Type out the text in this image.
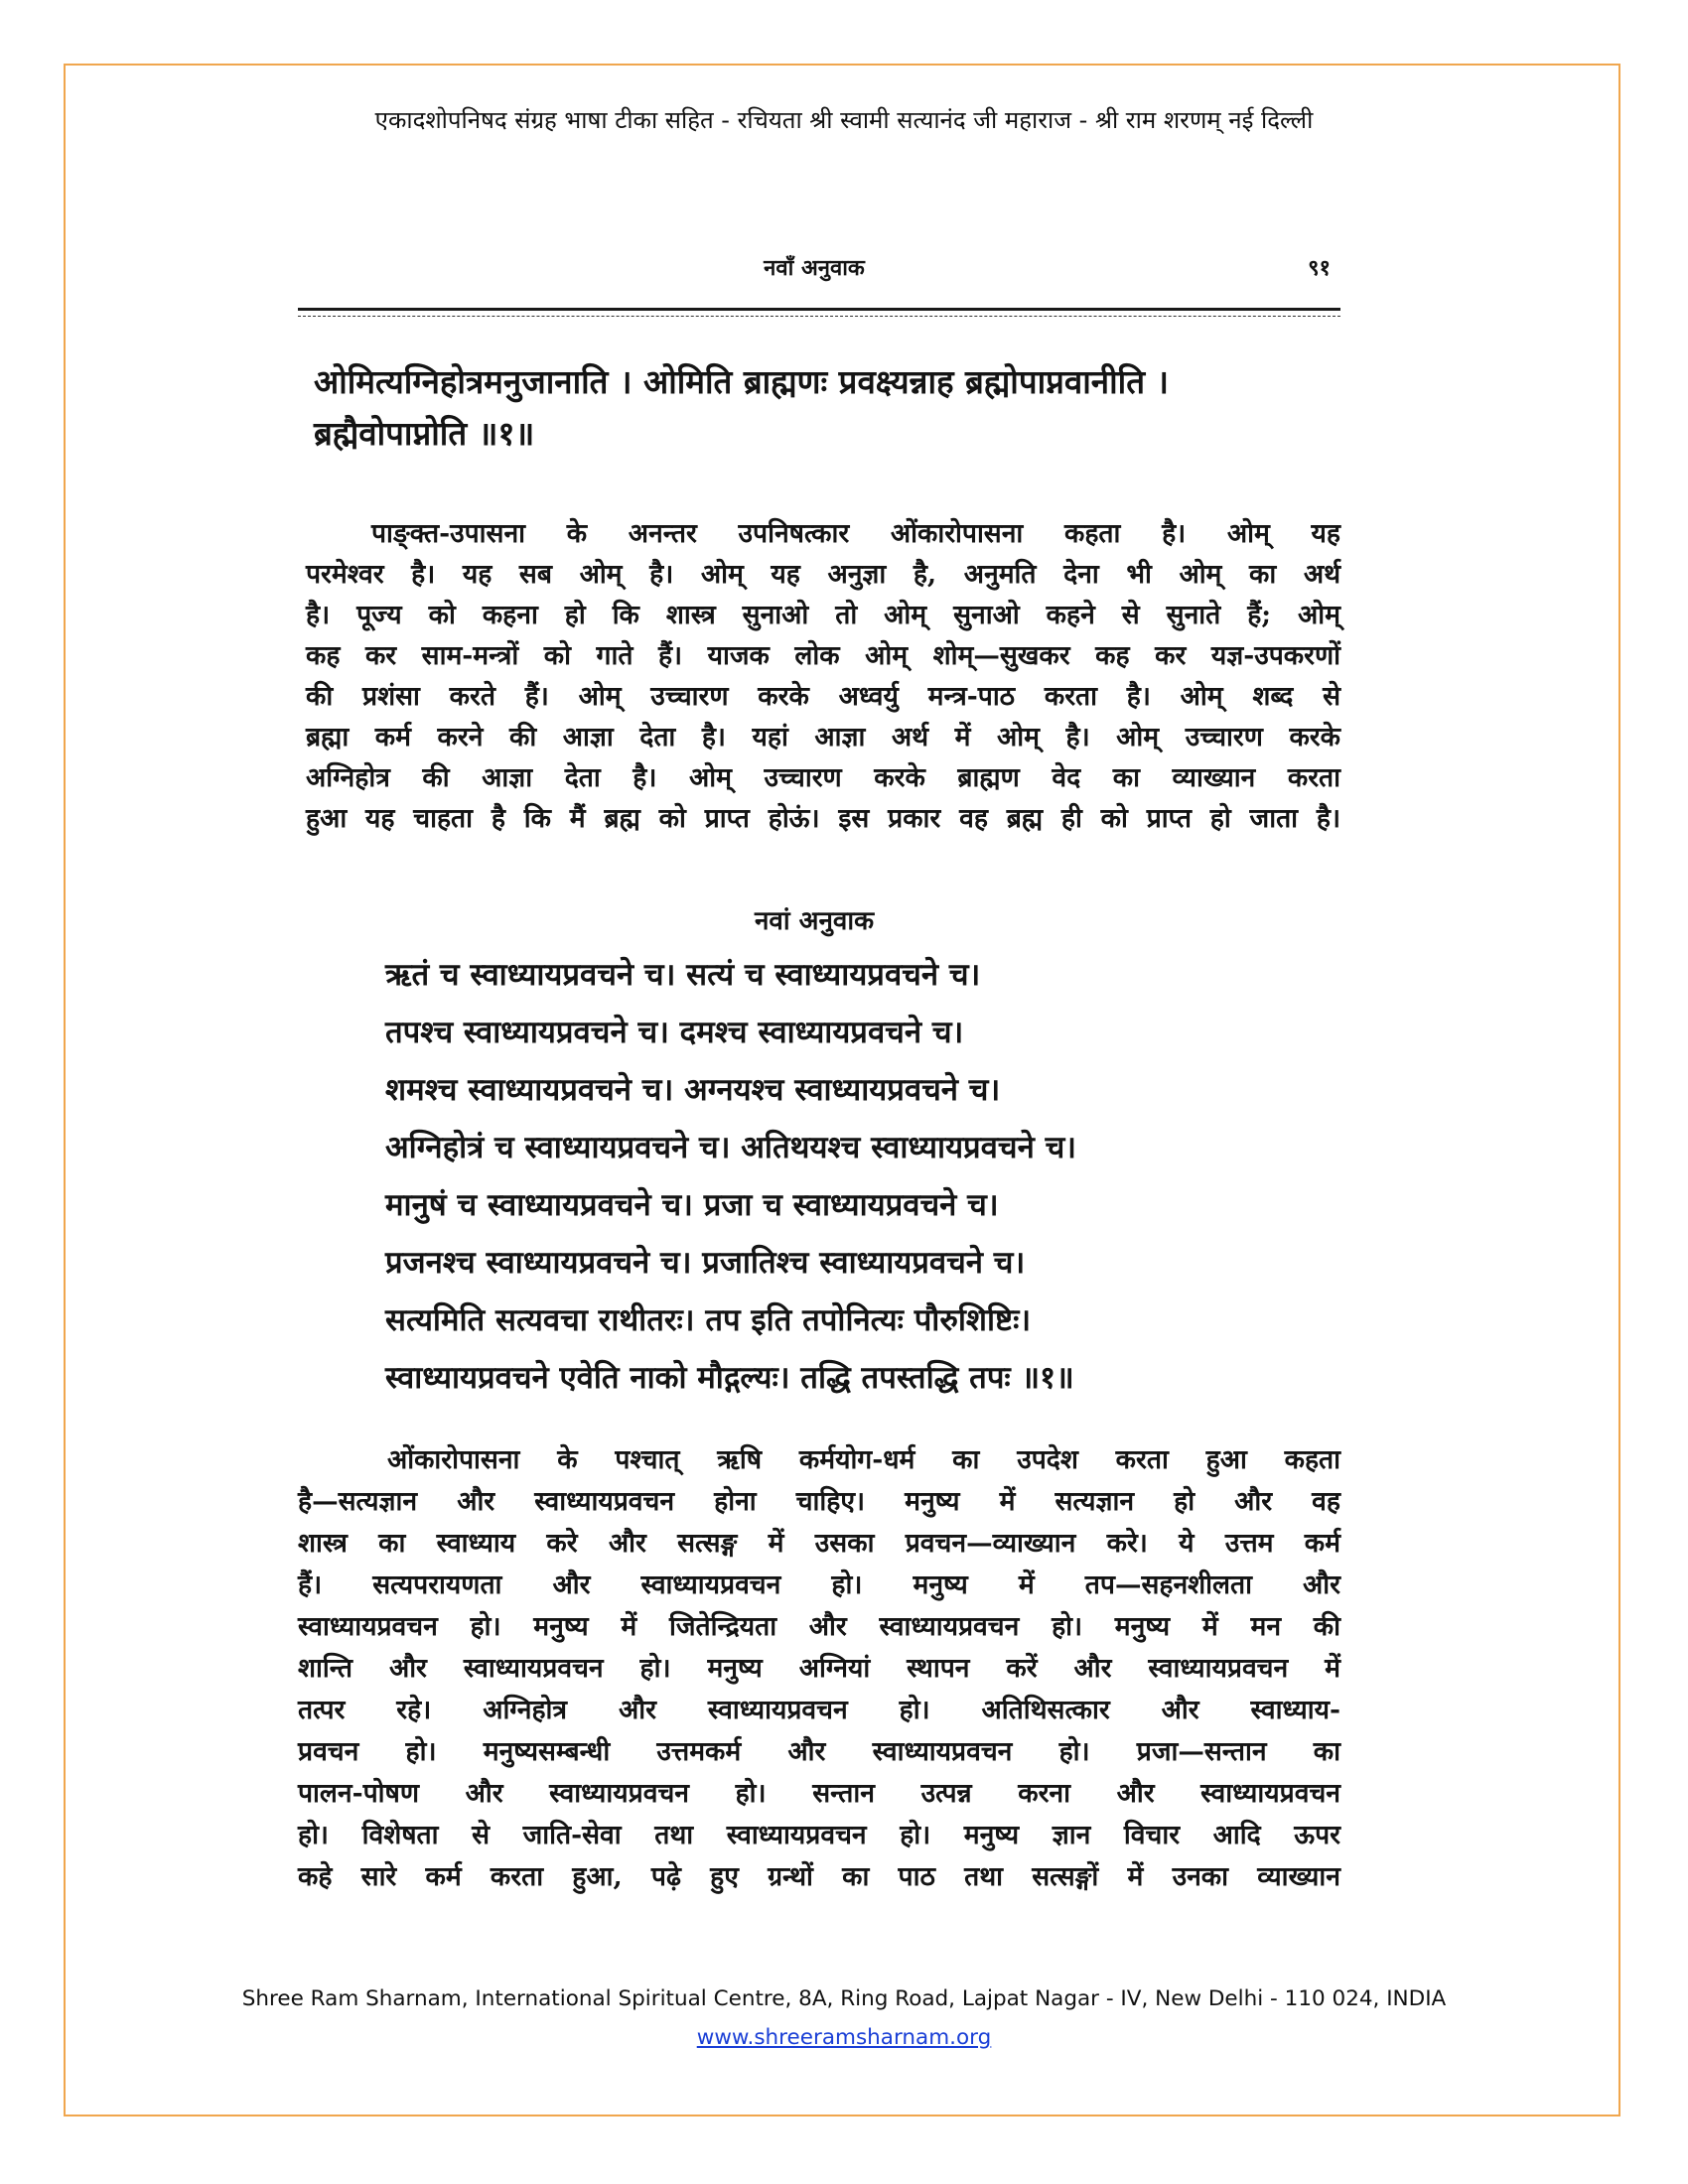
एकादशोपनिषद संग्रह भाषा टीका सहित - रचियता श्री स्वामी सत्यानंद जी महाराज - श्री राम शरणम् नई दिल्ली
नवाँ अनुवाक	९१
ओमित्यग्निहोत्रमनुजानाति । ओमिति ब्राह्मणः प्रवक्ष्यन्नाह ब्रह्मोपाप्नवानीति ।
ब्रह्मैवोपाप्नोति ॥१॥
पाङ्क्त-उपासना के अनन्तर उपनिषत्कार ओंकारोपासना कहता है। ओम् यह
परमेश्वर है। यह सब ओम् है। ओम् यह अनुज्ञा है, अनुमति देना भी ओम् का अर्थ
है। पूज्य को कहना हो कि शास्त्र सुनाओ तो ओम् सुनाओ कहने से सुनाते हैं; ओम्
कह कर साम-मन्त्रों को गाते हैं। याजक लोक ओम् शोम्—सुखकर कह कर यज्ञ-उपकरणों
की प्रशंसा करते हैं। ओम् उच्चारण करके अध्वर्यु मन्त्र-पाठ करता है। ओम् शब्द से
ब्रह्मा कर्म करने की आज्ञा देता है। यहां आज्ञा अर्थ में ओम् है। ओम् उच्चारण करके
अग्निहोत्र की आज्ञा देता है। ओम् उच्चारण करके ब्राह्मण वेद का व्याख्यान करता
हुआ यह चाहता है कि मैं ब्रह्म को प्राप्त होऊं। इस प्रकार वह ब्रह्म ही को प्राप्त हो जाता है।
नवां अनुवाक
ऋतं च स्वाध्यायप्रवचने च। सत्यं च स्वाध्यायप्रवचने च।
तपश्च स्वाध्यायप्रवचने च। दमश्च स्वाध्यायप्रवचने च।
शमश्च स्वाध्यायप्रवचने च। अग्नयश्च स्वाध्यायप्रवचने च।
अग्निहोत्रं च स्वाध्यायप्रवचने च। अतिथयश्च स्वाध्यायप्रवचने च।
मानुषं च स्वाध्यायप्रवचने च। प्रजा च स्वाध्यायप्रवचने च।
प्रजनश्च स्वाध्यायप्रवचने च। प्रजातिश्च स्वाध्यायप्रवचने च।
सत्यमिति सत्यवचा राथीतरः। तप इति तपोनित्यः पौरुशिष्टिः।
स्वाध्यायप्रवचने एवेति नाको मौद्गल्यः। तद्धि तपस्तद्धि तपः ॥१॥
ओंकारोपासना के पश्चात् ऋषि कर्मयोग-धर्म का उपदेश करता हुआ कहता
है—सत्यज्ञान और स्वाध्यायप्रवचन होना चाहिए। मनुष्य में सत्यज्ञान हो और वह
शास्त्र का स्वाध्याय करे और सत्सङ्ग में उसका प्रवचन—व्याख्यान करे। ये उत्तम कर्म
हैं। सत्यपरायणता और स्वाध्यायप्रवचन हो। मनुष्य में तप—सहनशीलता और
स्वाध्यायप्रवचन हो। मनुष्य में जितेन्द्रियता और स्वाध्यायप्रवचन हो। मनुष्य में मन की
शान्ति और स्वाध्यायप्रवचन हो। मनुष्य अग्नियां स्थापन करें और स्वाध्यायप्रवचन में
तत्पर रहे। अग्निहोत्र और स्वाध्यायप्रवचन हो। अतिथिसत्कार और स्वाध्याय-
प्रवचन हो। मनुष्यसम्बन्धी उत्तमकर्म और स्वाध्यायप्रवचन हो। प्रजा—सन्तान का
पालन-पोषण और स्वाध्यायप्रवचन हो। सन्तान उत्पन्न करना और स्वाध्यायप्रवचन
हो। विशेषता से जाति-सेवा तथा स्वाध्यायप्रवचन हो। मनुष्य ज्ञान विचार आदि ऊपर
कहे सारे कर्म करता हुआ, पढ़े हुए ग्रन्थों का पाठ तथा सत्सङ्गों में उनका व्याख्यान
Shree Ram Sharnam, International Spiritual Centre, 8A, Ring Road, Lajpat Nagar - IV, New Delhi - 110 024, INDIA
www.shreeramsharnam.org
